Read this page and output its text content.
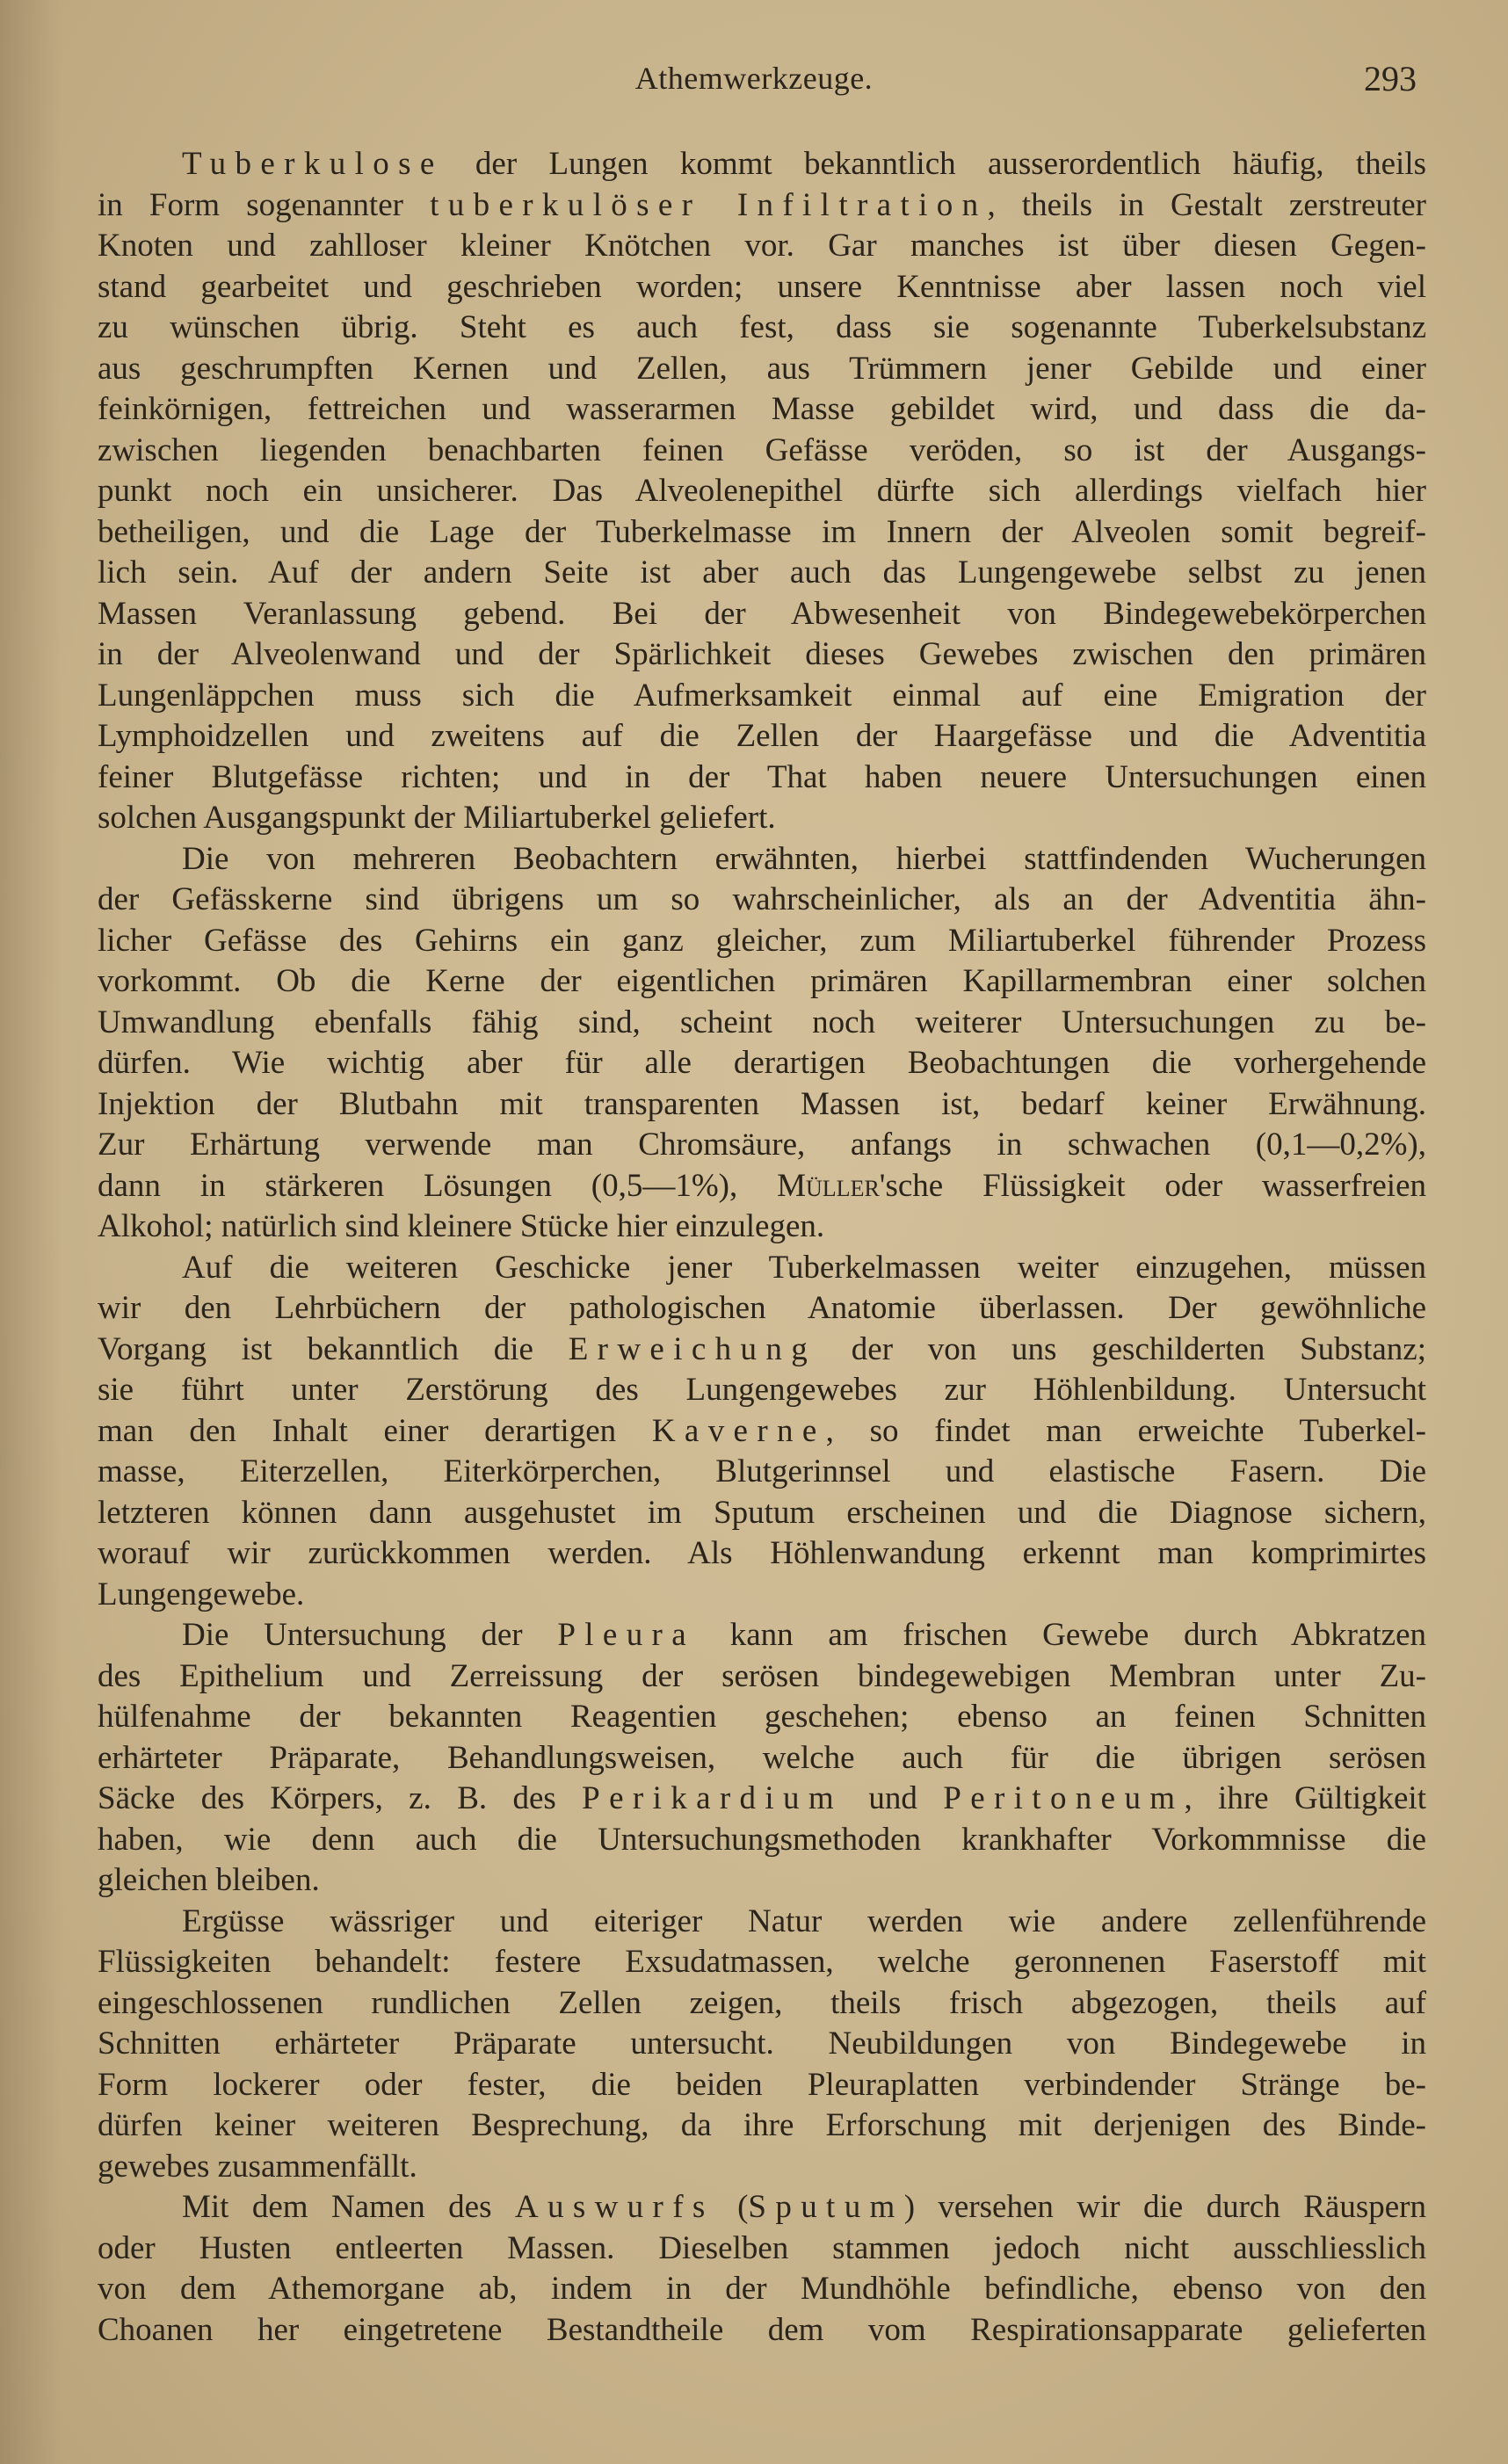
Athemwerkzeuge.	293
Tuberkulose der Lungen kommt bekanntlich ausserordentlich häufig, theils
in Form sogenannter tuberkulöser Infiltration, theils in Gestalt zerstreuter
Knoten und zahlloser kleiner Knötchen vor. Gar manches ist über diesen Gegen-
stand gearbeitet und geschrieben worden; unsere Kenntnisse aber lassen noch viel
zu wünschen übrig. Steht es auch fest, dass sie sogenannte Tuberkelsubstanz
aus geschrumpften Kernen und Zellen, aus Trümmern jener Gebilde und einer
feinkörnigen, fettreichen und wasserarmen Masse gebildet wird, und dass die da-
zwischen liegenden benachbarten feinen Gefässe veröden, so ist der Ausgangs-
punkt noch ein unsicherer. Das Alveolenepithel dürfte sich allerdings vielfach hier
betheiligen, und die Lage der Tuberkelmasse im Innern der Alveolen somit begreif-
lich sein. Auf der andern Seite ist aber auch das Lungengewebe selbst zu jenen
Massen Veranlassung gebend. Bei der Abwesenheit von Bindegewebekörperchen
in der Alveolenwand und der Spärlichkeit dieses Gewebes zwischen den primären
Lungenläppchen muss sich die Aufmerksamkeit einmal auf eine Emigration der
Lymphoidzellen und zweitens auf die Zellen der Haargefässe und die Adventitia
feiner Blutgefässe richten; und in der That haben neuere Untersuchungen einen
solchen Ausgangspunkt der Miliartuberkel geliefert.
Die von mehreren Beobachtern erwähnten, hierbei stattfindenden Wucherungen
der Gefässkerne sind übrigens um so wahrscheinlicher, als an der Adventitia ähn-
licher Gefässe des Gehirns ein ganz gleicher, zum Miliartuberkel führender Prozess
vorkommt. Ob die Kerne der eigentlichen primären Kapillarmembran einer solchen
Umwandlung ebenfalls fähig sind, scheint noch weiterer Untersuchungen zu be-
dürfen. Wie wichtig aber für alle derartigen Beobachtungen die vorhergehende
Injektion der Blutbahn mit transparenten Massen ist, bedarf keiner Erwähnung.
Zur Erhärtung verwende man Chromsäure, anfangs in schwachen (0,1—0,2%),
dann in stärkeren Lösungen (0,5—1%), Müller'sche Flüssigkeit oder wasserfreien
Alkohol; natürlich sind kleinere Stücke hier einzulegen.
Auf die weiteren Geschicke jener Tuberkelmassen weiter einzugehen, müssen
wir den Lehrbüchern der pathologischen Anatomie überlassen. Der gewöhnliche
Vorgang ist bekanntlich die Erweichung der von uns geschilderten Substanz;
sie führt unter Zerstörung des Lungengewebes zur Höhlenbildung. Untersucht
man den Inhalt einer derartigen Kaverne, so findet man erweichte Tuberkel-
masse, Eiterzellen, Eiterkörperchen, Blutgerinnsel und elastische Fasern. Die
letzteren können dann ausgehustet im Sputum erscheinen und die Diagnose sichern,
worauf wir zurückkommen werden. Als Höhlenwandung erkennt man komprimirtes
Lungengewebe.
Die Untersuchung der Pleura kann am frischen Gewebe durch Abkratzen
des Epithelium und Zerreissung der serösen bindegewebigen Membran unter Zu-
hülfenahme der bekannten Reagentien geschehen; ebenso an feinen Schnitten
erhärteter Präparate, Behandlungsweisen, welche auch für die übrigen serösen
Säcke des Körpers, z. B. des Perikardium und Peritoneum, ihre Gültigkeit
haben, wie denn auch die Untersuchungsmethoden krankhafter Vorkommnisse die
gleichen bleiben.
Ergüsse wässriger und eiteriger Natur werden wie andere zellenführende
Flüssigkeiten behandelt: festere Exsudatmassen, welche geronnenen Faserstoff mit
eingeschlossenen rundlichen Zellen zeigen, theils frisch abgezogen, theils auf
Schnitten erhärteter Präparate untersucht. Neubildungen von Bindegewebe in
Form lockerer oder fester, die beiden Pleuraplatten verbindender Stränge be-
dürfen keiner weiteren Besprechung, da ihre Erforschung mit derjenigen des Binde-
gewebes zusammenfällt.
Mit dem Namen des Auswurfs (Sputum) versehen wir die durch Räuspern
oder Husten entleerten Massen. Dieselben stammen jedoch nicht ausschliesslich
von dem Athemorgane ab, indem in der Mundhöhle befindliche, ebenso von den
Choanen her eingetretene Bestandtheile dem vom Respirationsapparate gelieferten
